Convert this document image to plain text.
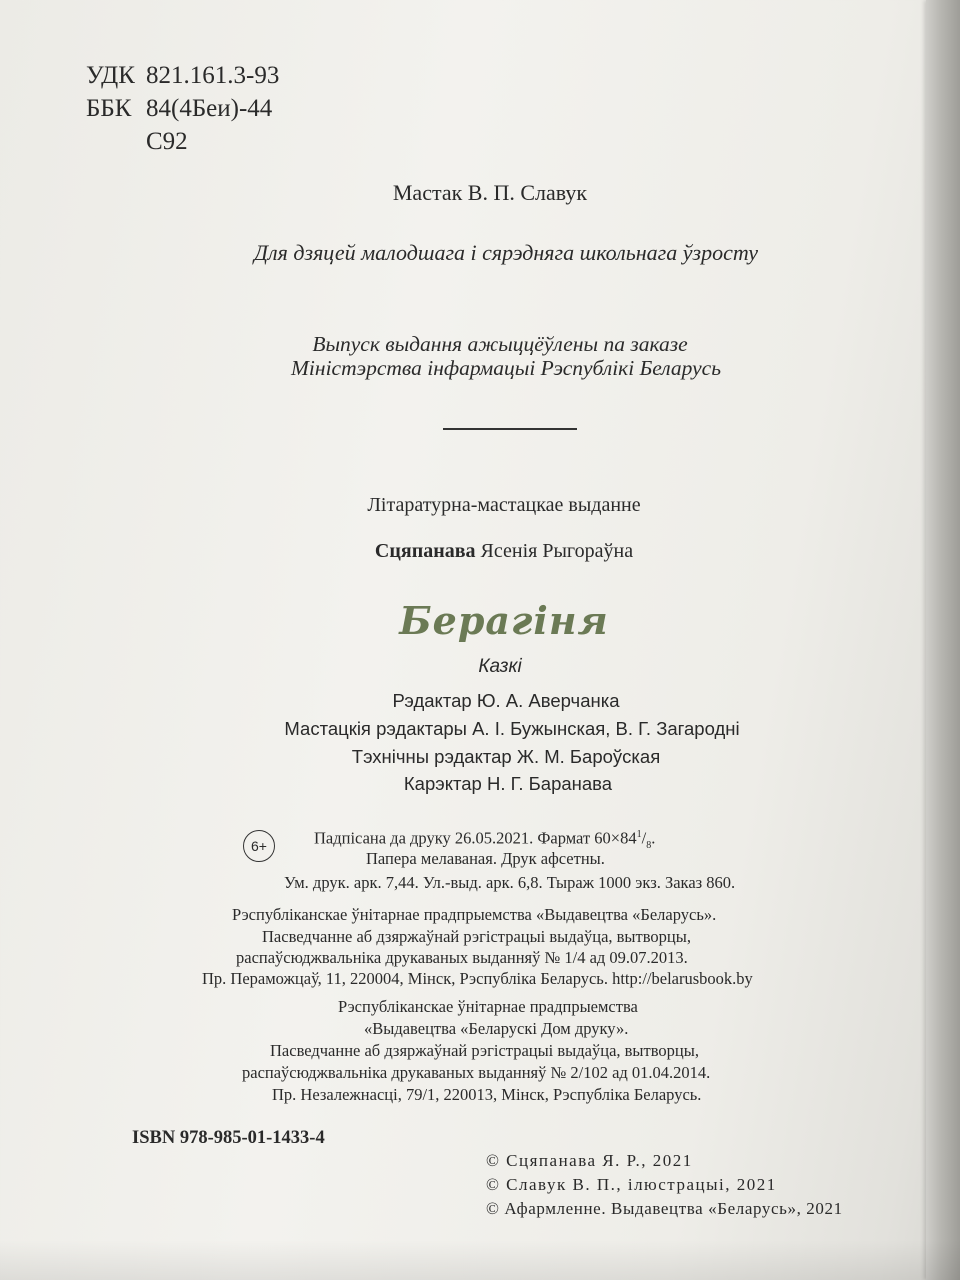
УДК 821.161.3-93
ББК 84(4Беи)-44
С92
Мастак В. П. Славук
Для дзяцей малодшага і сярэдняга школьнага ўзросту
Выпуск выдання ажыццёўлены па заказе
Міністэрства інфармацыі Рэспублікі Беларусь
Літаратурна-мастацкае выданне
Сцяпанава Ясенія Рыгораўна
Берагіня
Казкі
Рэдактар Ю. А. Аверчанка
Мастацкія рэдактары А. І. Бужынская, В. Г. Загародні
Тэхнічны рэдактар Ж. М. Бароўская
Карэктар Н. Г. Баранава
6+	Падпісана да друку 26.05.2021. Фармат $60\times 84^1/_8$.
Папера мелаваная. Друк афсетны.
Ум. друк. арк. 7,44. Ул.-выд. арк. 6,8. Тыраж 1000 экз. Заказ 860.
Рэспубліканскае ўнітарнае прадпрыемства «Выдавецтва «Беларусь».
Пасведчанне аб дзяржаўнай рэгістрацыі выдаўца, вытворцы,
распаўсюджвальніка друкаваных выданняў № 1/4 ад 09.07.2013.
Пр. Пераможцаў, 11, 220004, Мінск, Рэспубліка Беларусь. http://belarusbook.by
Рэспубліканскае ўнітарнае прадпрыемства
«Выдавецтва «Беларускі Дом друку».
Пасведчанне аб дзяржаўнай рэгістрацыі выдаўца, вытворцы,
распаўсюджвальніка друкаваных выданняў № 2/102 ад 01.04.2014.
Пр. Незалежнасці, 79/1, 220013, Мінск, Рэспубліка Беларусь.
ISBN 978-985-01-1433-4
© Сцяпанава Я. Р., 2021
© Славук В. П., ілюстрацыі, 2021
© Афармленне. Выдавецтва «Беларусь», 2021
